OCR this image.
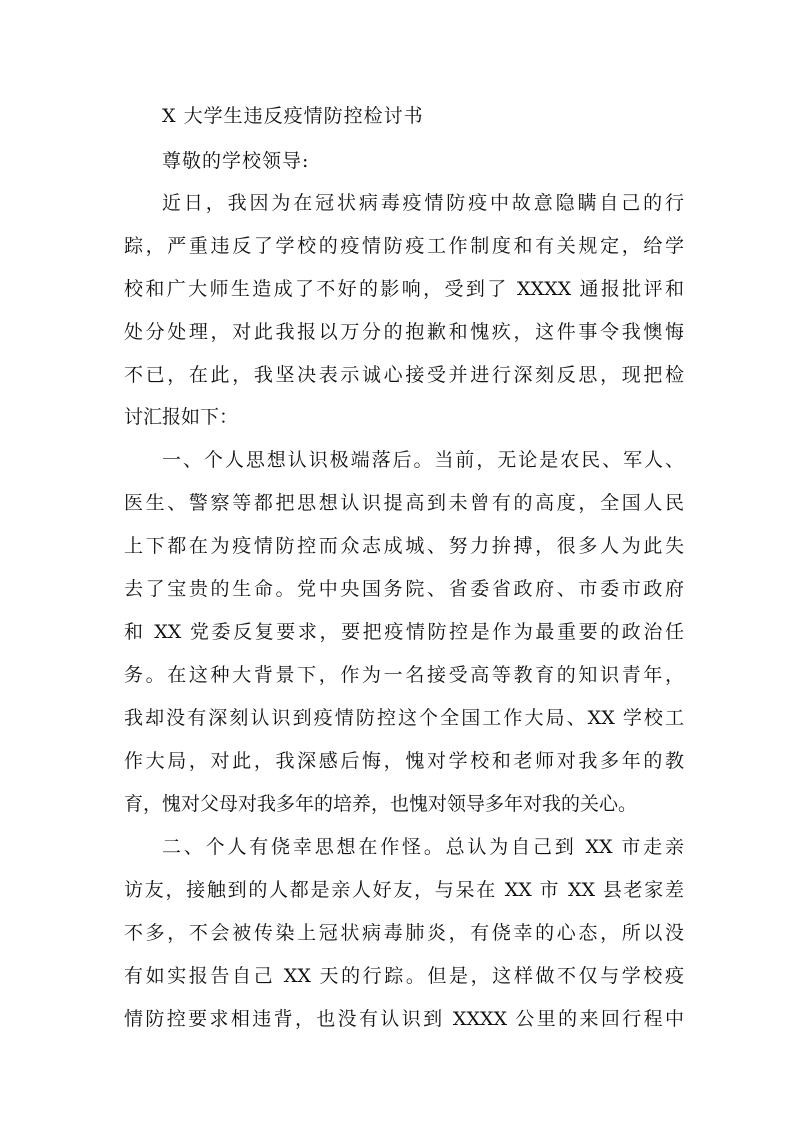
X 大学生违反疫情防控检讨书
尊敬的学校领导:
近日，我因为在冠状病毒疫情防疫中故意隐瞒自己的行
踪，严重违反了学校的疫情防疫工作制度和有关规定，给学
校和广大师生造成了不好的影响，受到了 XXXX 通报批评和
处分处理，对此我报以万分的抱歉和愧疚，这件事令我懊悔
不已，在此，我坚决表示诚心接受并进行深刻反思，现把检
讨汇报如下：
一、个人思想认识极端落后。当前，无论是农民、军人、
医生、警察等都把思想认识提高到未曾有的高度，全国人民
上下都在为疫情防控而众志成城、努力拚搏，很多人为此失
去了宝贵的生命。党中央国务院、省委省政府、市委市政府
和 XX 党委反复要求，要把疫情防控是作为最重要的政治任
务。在这种大背景下，作为一名接受高等教育的知识青年，
我却没有深刻认识到疫情防控这个全国工作大局、XX 学校工
作大局，对此，我深感后悔，愧对学校和老师对我多年的教
育，愧对父母对我多年的培养，也愧对领导多年对我的关心。
二、个人有侥幸思想在作怪。总认为自己到 XX 市走亲
访友，接触到的人都是亲人好友，与呆在 XX 市 XX 县老家差
不多，不会被传染上冠状病毒肺炎，有侥幸的心态，所以没
有如实报告自己 XX 天的行踪。但是，这样做不仅与学校疫
情防控要求相违背，也没有认识到 XXXX 公里的来回行程中
